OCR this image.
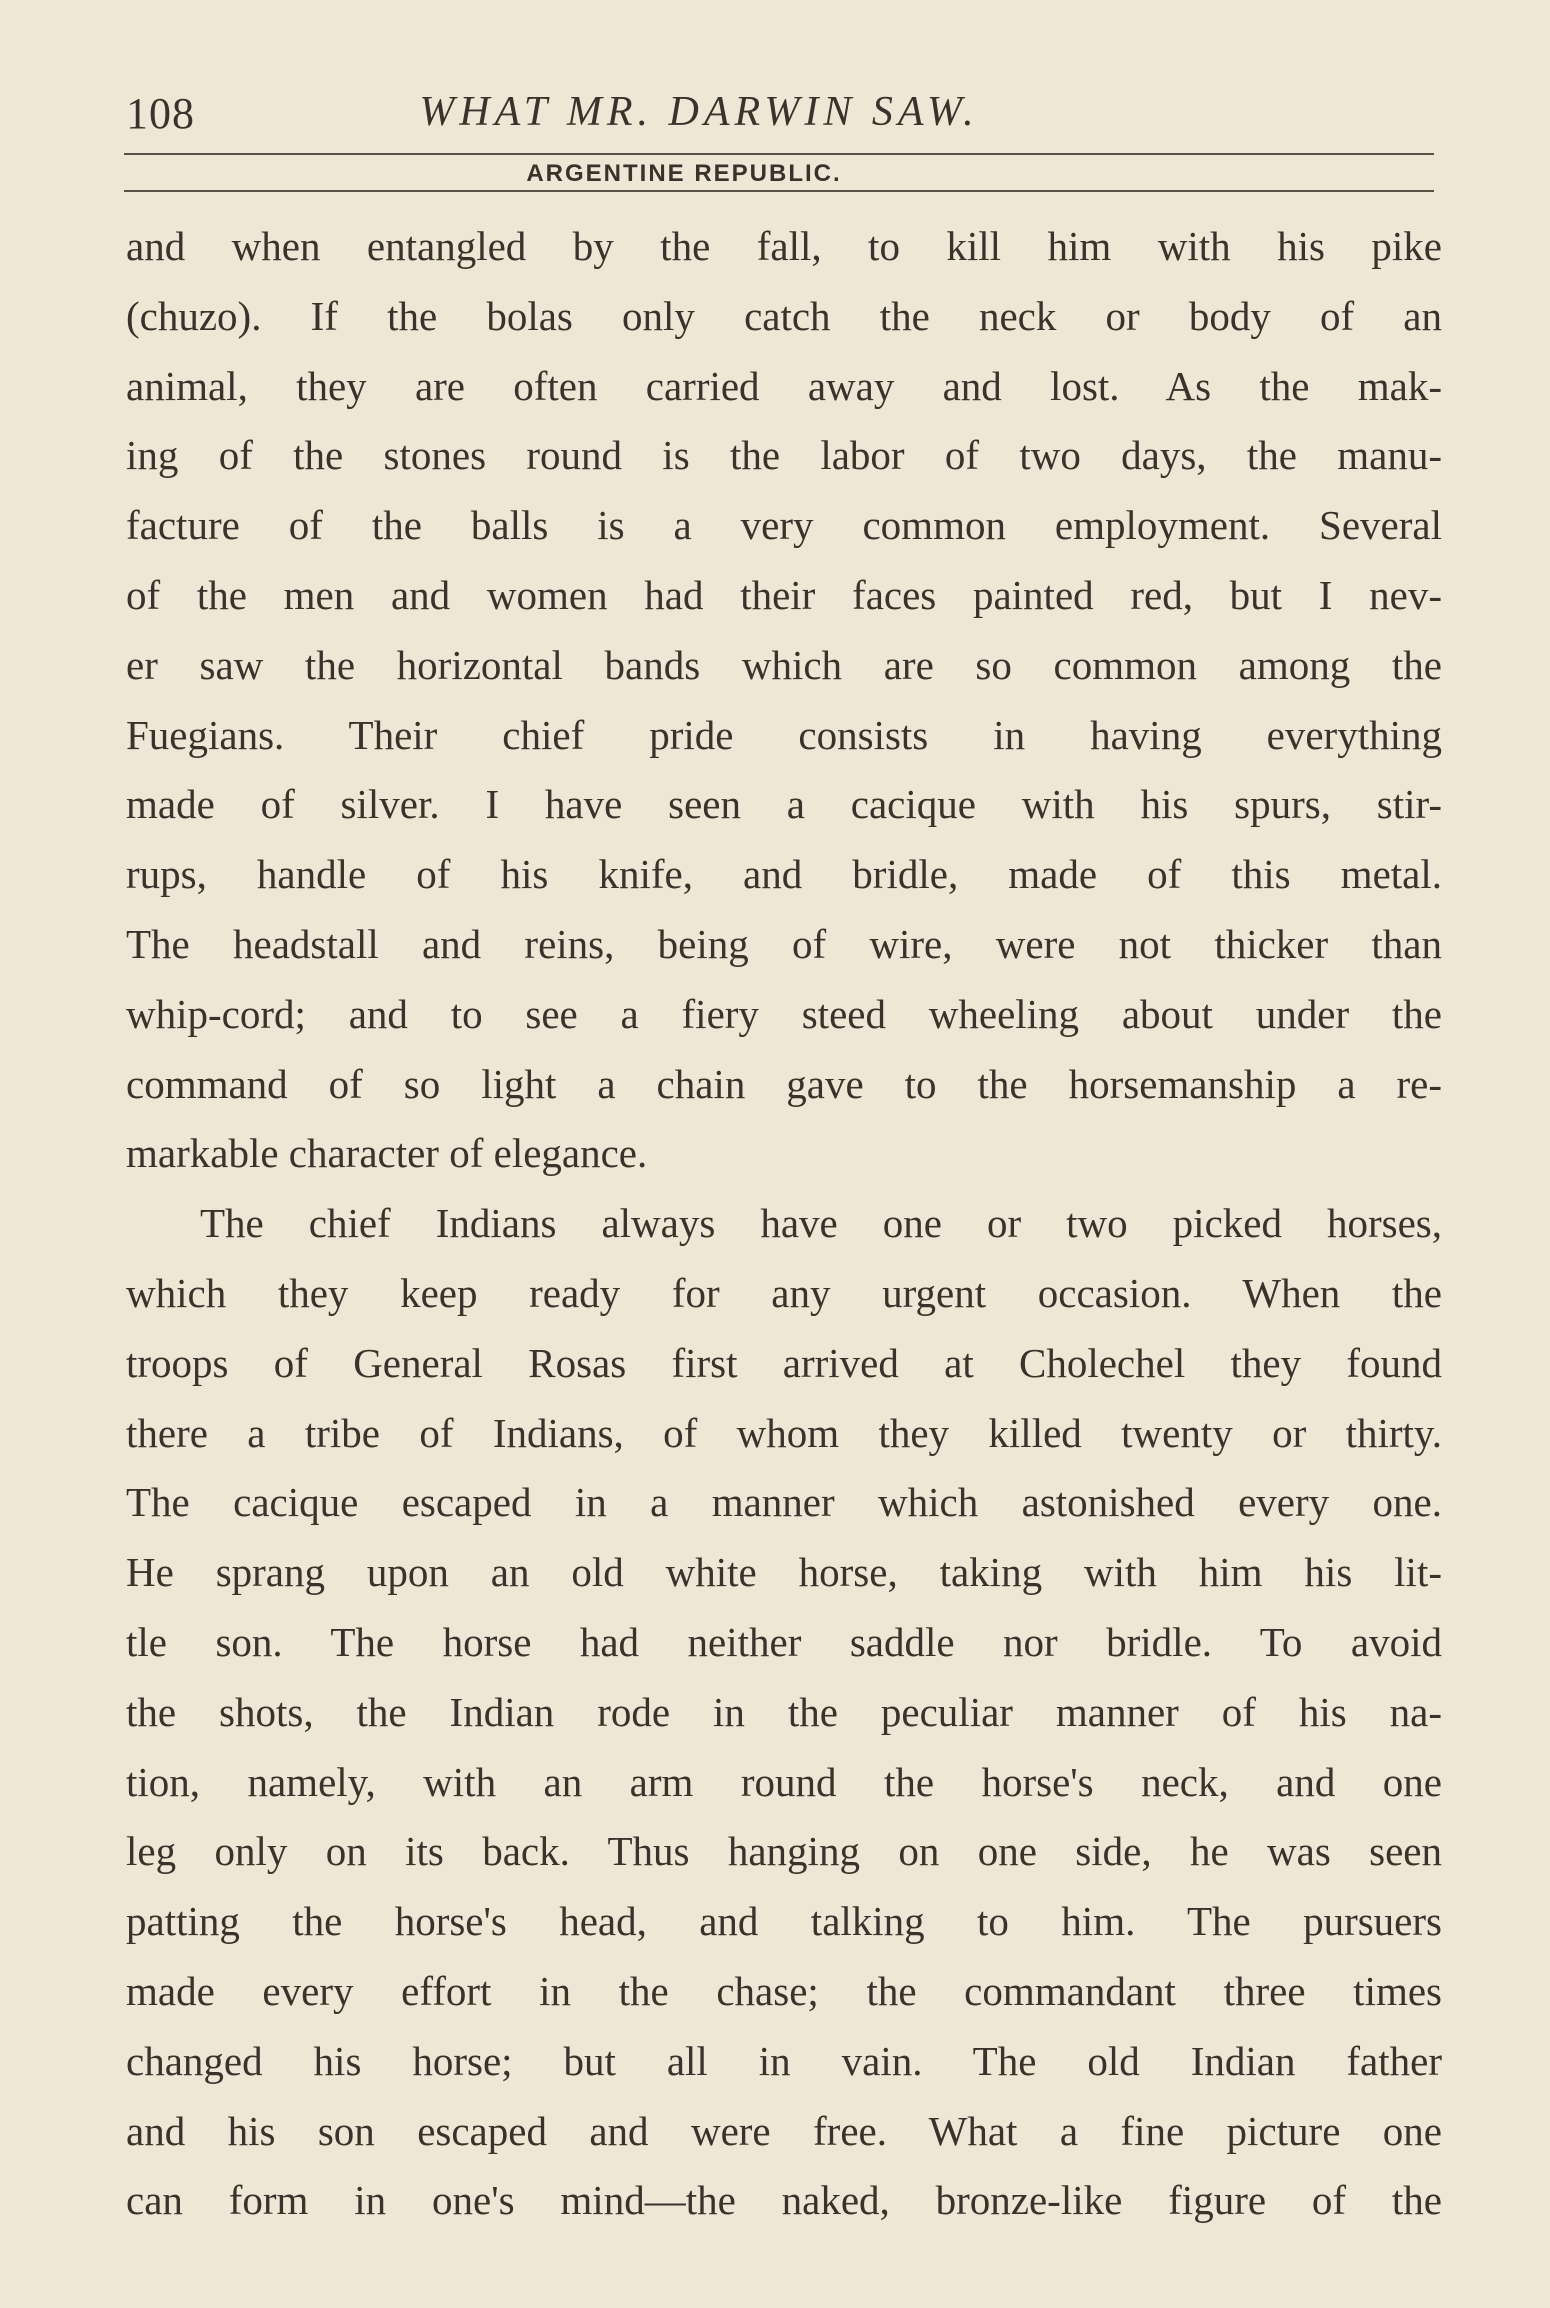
108	WHAT MR. DARWIN SAW.
ARGENTINE REPUBLIC.
and when entangled by the fall, to kill him with his pike
(chuzo). If the bolas only catch the neck or body of an
animal, they are often carried away and lost. As the mak-
ing of the stones round is the labor of two days, the manu-
facture of the balls is a very common employment. Several
of the men and women had their faces painted red, but I nev-
er saw the horizontal bands which are so common among the
Fuegians. Their chief pride consists in having everything
made of silver. I have seen a cacique with his spurs, stir-
rups, handle of his knife, and bridle, made of this metal.
The headstall and reins, being of wire, were not thicker than
whip-cord; and to see a fiery steed wheeling about under the
command of so light a chain gave to the horsemanship a re-
markable character of elegance.
The chief Indians always have one or two picked horses,
which they keep ready for any urgent occasion. When the
troops of General Rosas first arrived at Cholechel they found
there a tribe of Indians, of whom they killed twenty or thirty.
The cacique escaped in a manner which astonished every one.
He sprang upon an old white horse, taking with him his lit-
tle son. The horse had neither saddle nor bridle. To avoid
the shots, the Indian rode in the peculiar manner of his na-
tion, namely, with an arm round the horse's neck, and one
leg only on its back. Thus hanging on one side, he was seen
patting the horse's head, and talking to him. The pursuers
made every effort in the chase; the commandant three times
changed his horse; but all in vain. The old Indian father
and his son escaped and were free. What a fine picture one
can form in one's mind—the naked, bronze-like figure of the
